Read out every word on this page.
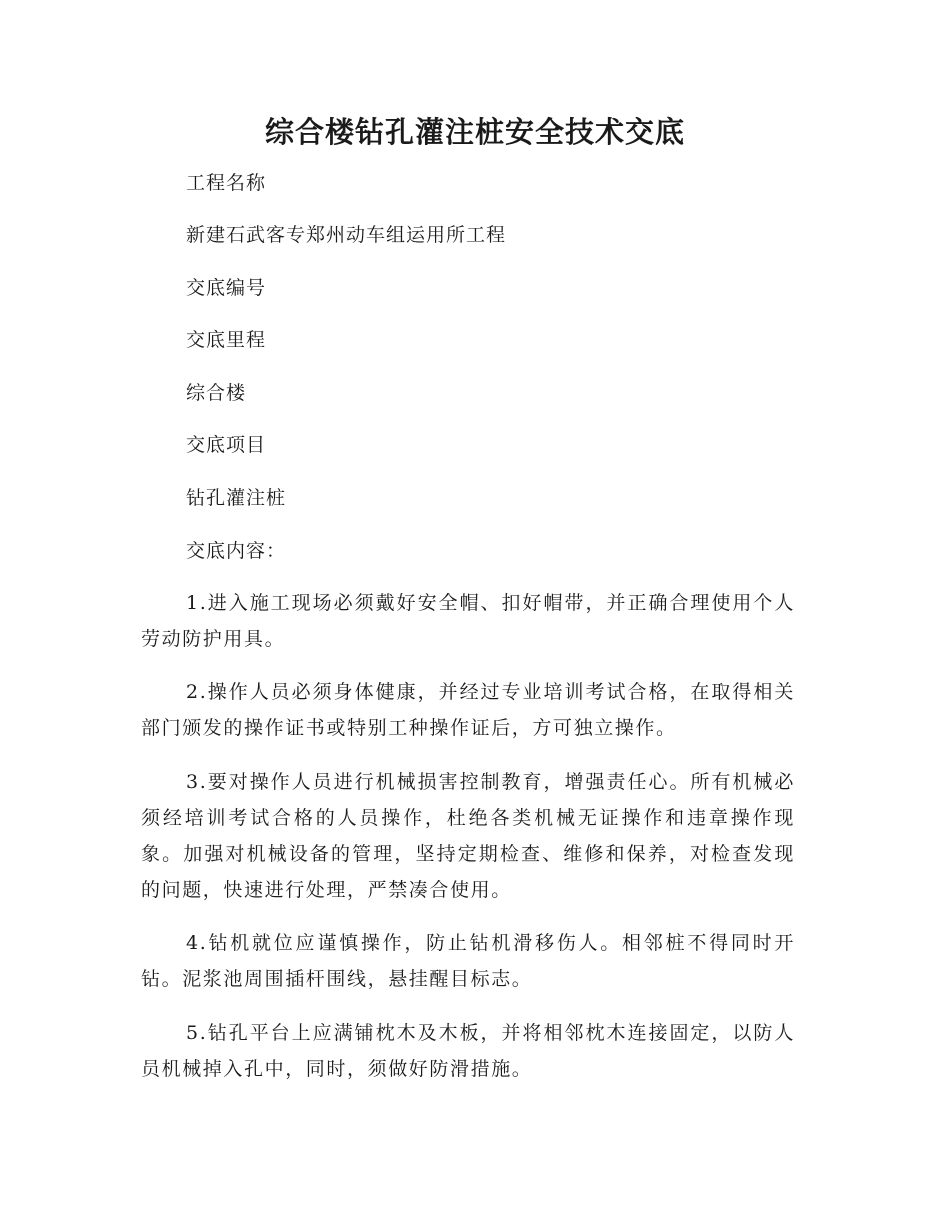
综合楼钻孔灌注桩安全技术交底

工程名称

新建石武客专郑州动车组运用所工程

交底编号

交底里程

综合楼

交底项目

钻孔灌注桩

交底内容：

1.进入施工现场必须戴好安全帽、扣好帽带，并正确合理使用个人劳动防护用具。

2.操作人员必须身体健康，并经过专业培训考试合格，在取得相关部门颁发的操作证书或特别工种操作证后，方可独立操作。

3.要对操作人员进行机械损害控制教育，增强责任心。所有机械必须经培训考试合格的人员操作，杜绝各类机械无证操作和违章操作现象。加强对机械设备的管理，坚持定期检查、维修和保养，对检查发现的问题，快速进行处理，严禁凑合使用。

4.钻机就位应谨慎操作，防止钻机滑移伤人。相邻桩不得同时开钻。泥浆池周围插杆围线，悬挂醒目标志。

5.钻孔平台上应满铺枕木及木板，并将相邻枕木连接固定，以防人员机械掉入孔中，同时，须做好防滑措施。
